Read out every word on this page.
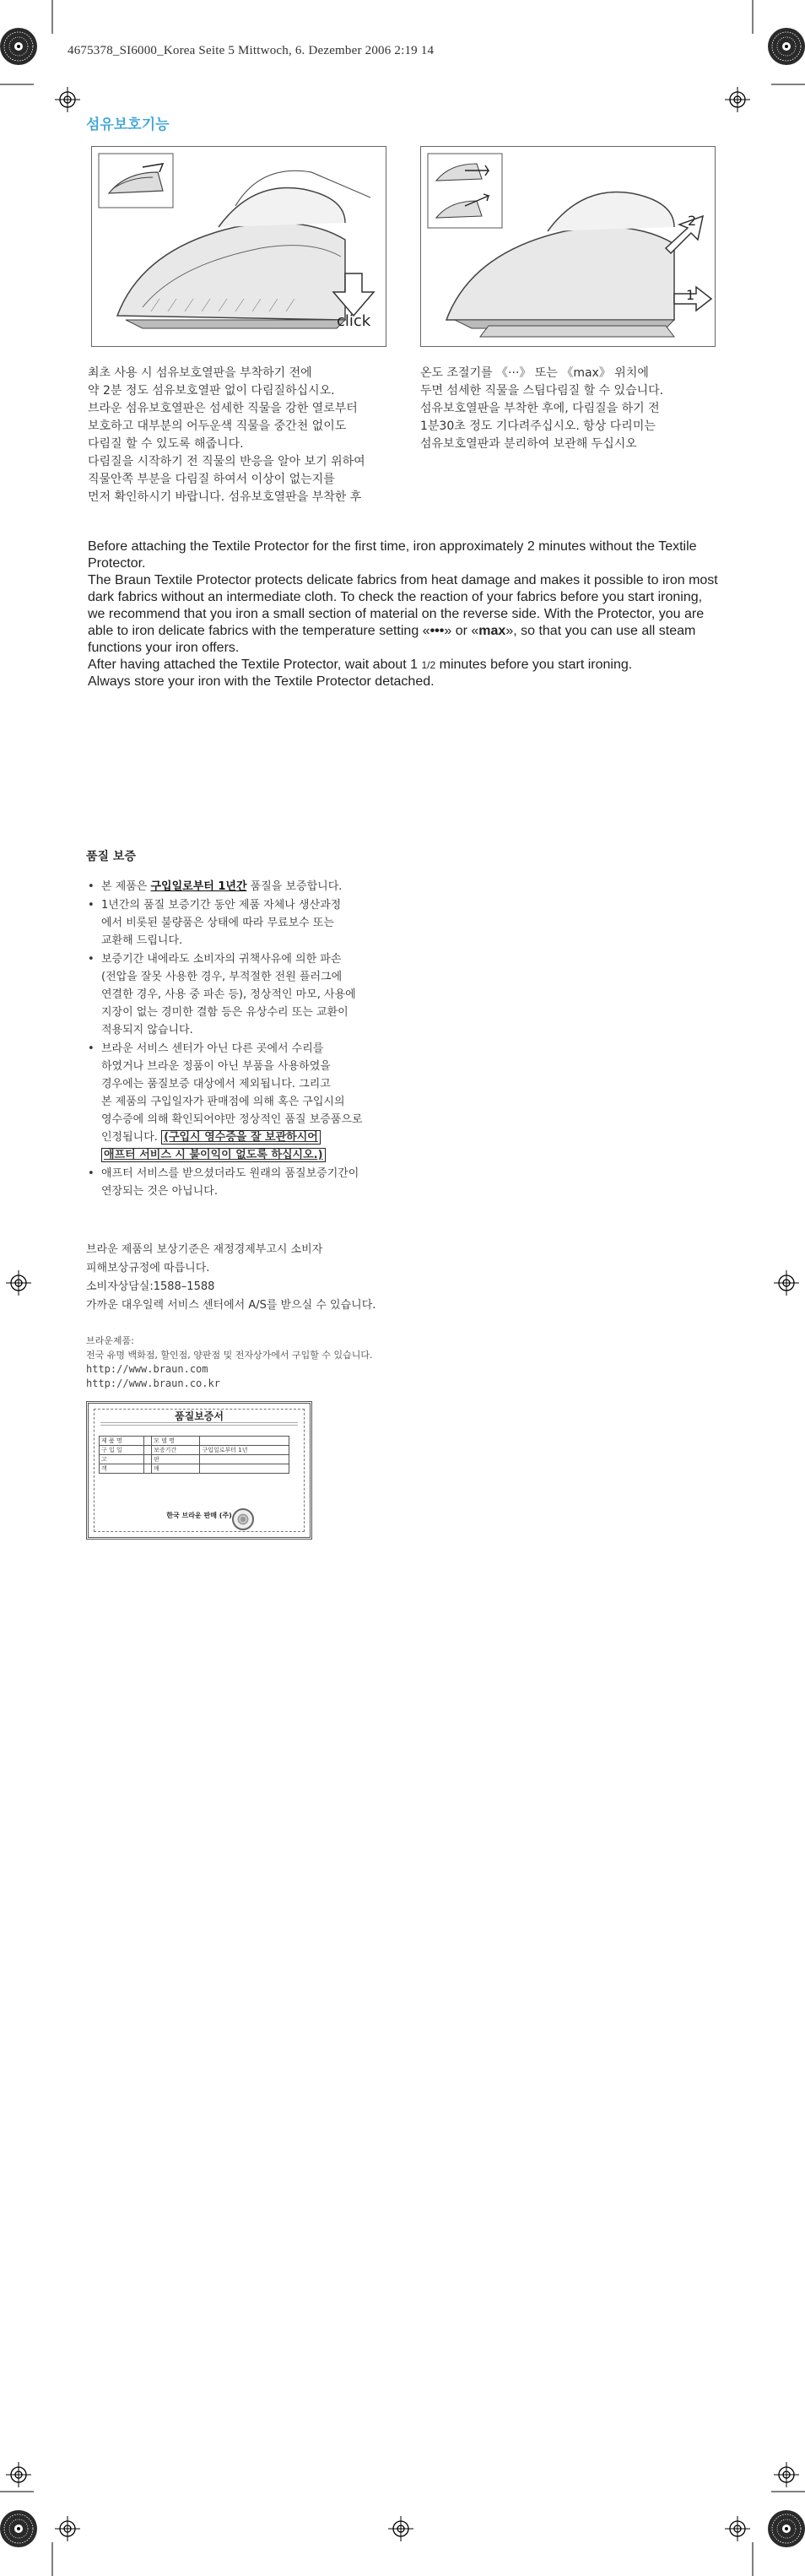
4675378_SI6000_Korea Seite 5 Mittwoch, 6. Dezember 2006 2:19 14
섬유보호기능
click
2
1
최초 사용 시 섬유보호열판을 부착하기 전에
약 2분 정도 섬유보호열판 없이 다림질하십시오.
브라운 섬유보호열판은 섬세한 직물을 강한 열로부터
보호하고 대부분의 어두운색 직물을 중간천 없이도
다림질 할 수 있도록 해줍니다.
다림질을 시작하기 전 직물의 반응을 알아 보기 위하여
직물안쪽 부분을 다림질 하여서 이상이 없는지를
먼저 확인하시기 바랍니다. 섬유보호열판을 부착한 후
온도 조절기를 《···》 또는 《max》 위치에
두면 섬세한 직물을 스팀다림질 할 수 있습니다.
섬유보호열판을 부착한 후에, 다림질을 하기 전
1분30초 정도 기다려주십시오. 항상 다리미는
섬유보호열판과 분리하여 보관해 두십시오

Before attaching the Textile Protector for the first time, iron approximately 2 minutes without the Textile Protector.

The Braun Textile Protector protects delicate fabrics from heat damage and makes it possible to iron most dark fabrics without an intermediate cloth. To check the reaction of your fabrics before you start ironing, we recommend that you iron a small section of material on the reverse side. With the Protector, you are able to iron delicate fabrics with the temperature setting «•••» or «max», so that you can use all steam functions your iron offers.

After having attached the Textile Protector, wait about 1 1/2 minutes before you start ironing.

Always store your iron with the Textile Protector detached.

품질 보증
• 본 제품은 구입일로부터 1년간 품질을 보증합니다.
• 1년간의 품질 보증기간 동안 제품 자체나 생산과정
에서 비롯된 불량품은 상태에 따라 무료보수 또는
교환해 드립니다.
• 보증기간 내에라도 소비자의 귀책사유에 의한 파손
(전압을 잘못 사용한 경우, 부적절한 전원 플러그에
연결한 경우, 사용 중 파손 등), 정상적인 마모, 사용에
지장이 없는 경미한 결함 등은 유상수리 또는 교환이
적용되지 않습니다.
• 브라운 서비스 센터가 아닌 다른 곳에서 수리를
하였거나 브라운 정품이 아닌 부품을 사용하였을
경우에는 품질보증 대상에서 제외됩니다. 그리고
본 제품의 구입일자가 판매점에 의해 혹은 구입시의
영수증에 의해 확인되어야만 정상적인 품질 보증품으로
인정됩니다. (구입시 영수증을 잘 보관하시어
애프터 서비스 시 불이익이 없도록 하십시오.)
• 애프터 서비스를 받으셨더라도 원래의 품질보증기간이
연장되는 것은 아닙니다.
브라운 제품의 보상기준은 재정경제부고시 소비자
피해보상규정에 따릅니다.
소비자상담실:1588–1588
가까운 대우일렉 서비스 센터에서 A/S를 받으실 수 있습니다.
브라운제품:
전국 유명 백화점, 할인점, 양판점 및 전자상가에서 구입할 수 있습니다.
http://www.braun.com
http://www.braun.co.kr
품질보증서
제 품 명		모 델 명	
구 입 일		보증기간	구입일로부터 1년
고		판	
객		매	
한국 브라운 판매 (주)
